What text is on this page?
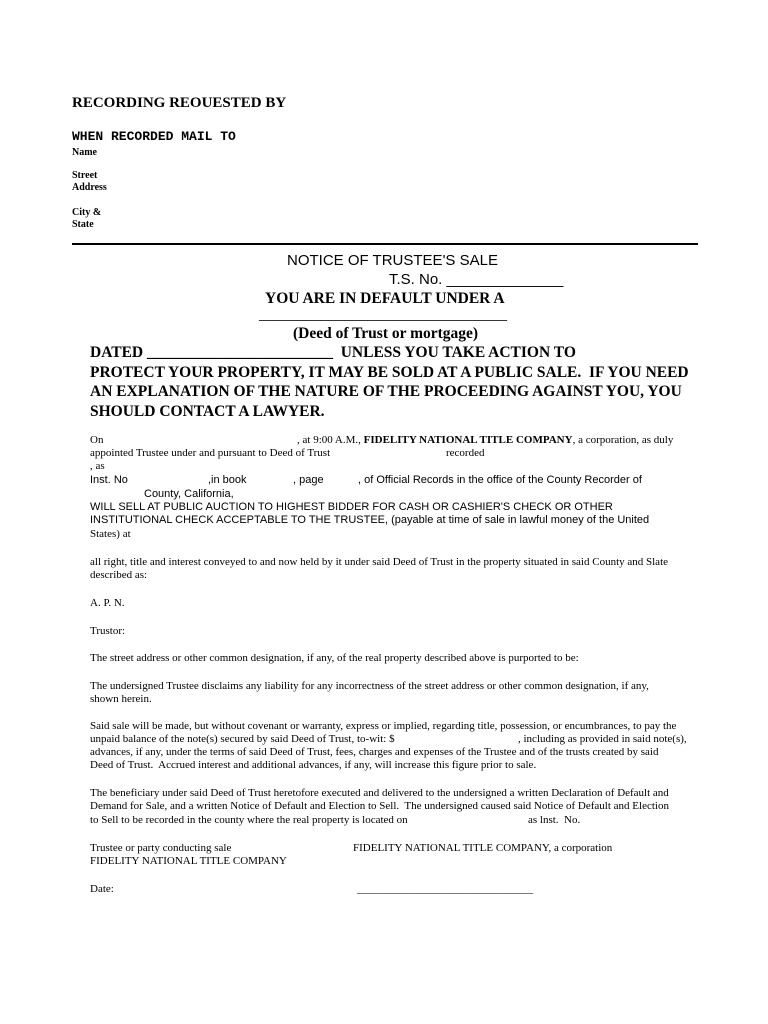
RECORDING REOUESTED BY
WHEN RECORDED MAIL TO
Name
Street
Address
City &
State
NOTICE OF TRUSTEE'S SALE
T.S. No. ______________
YOU ARE IN DEFAULT UNDER A
________________________________
(Deed of Trust or mortgage)
DATED ________________________  UNLESS YOU TAKE ACTION TO
PROTECT YOUR PROPERTY, IT MAY BE SOLD AT A PUBLIC SALE.  IF YOU NEED
AN EXPLANATION OF THE NATURE OF THE PROCEEDING AGAINST YOU, YOU
SHOULD CONTACT A LAWYER.
On	, at 9:00 A.M., FIDELITY NATIONAL TITLE COMPANY, a corporation, as duly
appointed Trustee under and pursuant to Deed of Trust	recorded
, as
Inst. No	,in book	, page	, of Official Records in the office of the County Recorder of
County, California,
WILL SELL AT PUBLIC AUCTION TO HIGHEST BIDDER FOR CASH OR CASHIER'S CHECK OR OTHER
INSTITUTIONAL CHECK ACCEPTABLE TO THE TRUSTEE, (payable at time of sale in lawful money of the United
States) at
all right, title and interest conveyed to and now held by it under said Deed of Trust in the property situated in said County and Slate
described as:
A. P. N.
Trustor:
The street address or other common designation, if any, of the real property described above is purported to be:
The undersigned Trustee disclaims any liability for any incorrectness of the street address or other common designation, if any,
shown herein.
Said sale will be made, but without covenant or warranty, express or implied, regarding title, possession, or encumbrances, to pay the
unpaid balance of the note(s) secured by said Deed of Trust, to-wit: $	, including as provided in said note(s),
advances, if any, under the terms of said Deed of Trust, fees, charges and expenses of the Trustee and of the trusts created by said
Deed of Trust.  Accrued interest and additional advances, if any, will increase this figure prior to sale.
The beneficiary under said Deed of Trust heretofore executed and delivered to the undersigned a written Declaration of Default and
Demand for Sale, and a written Notice of Default and Election to Sell.  The undersigned caused said Notice of Default and Election
to Sell to be recorded in the county where the real property is located on	as lnst.  No.
Trustee or party conducting sale
FIDELITY NATIONAL TITLE COMPANY
FIDELITY NATIONAL TITLE COMPANY, a corporation
Date:	________________________________
